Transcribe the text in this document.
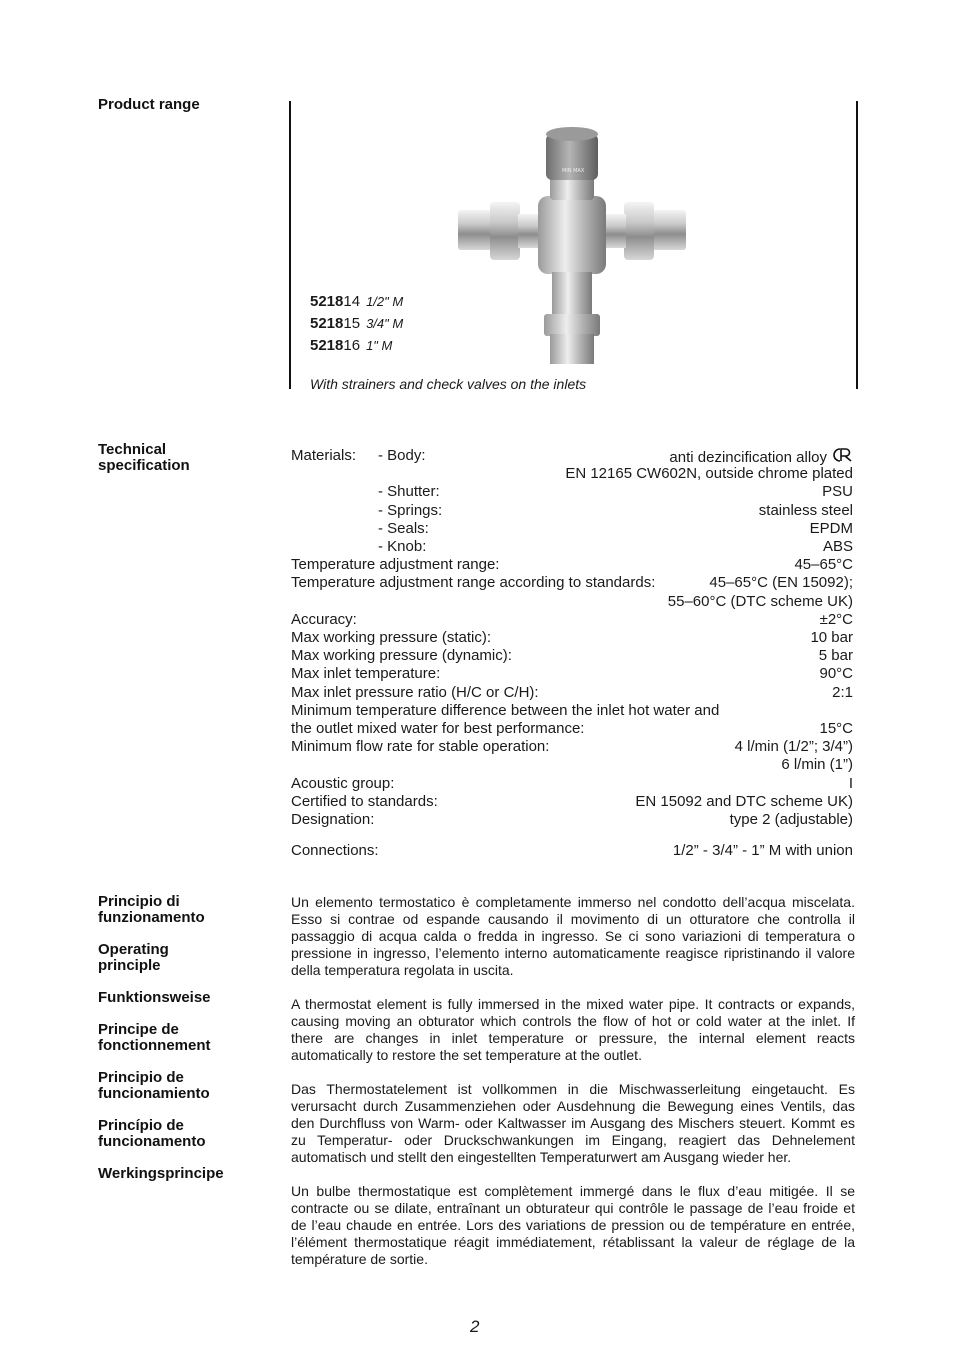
Product range
MIN MAX
521814 1/2" M
521815 3/4" M
521816 1" M
With strainers and check valves on the inlets
Technical
specification
Materials: - Body:	anti dezincification alloy
EN 12165 CW602N, outside chrome plated
- Shutter:	PSU
- Springs:	stainless steel
- Seals:	EPDM
- Knob:	ABS
Temperature adjustment range:	45–65°C
Temperature adjustment range according to standards:	45–65°C (EN 15092);
55–60°C (DTC scheme UK)
Accuracy:	±2°C
Max working pressure (static):	10 bar
Max working pressure (dynamic):	5 bar
Max inlet temperature:	90°C
Max inlet pressure ratio (H/C or C/H):	2:1
Minimum temperature difference between the inlet hot water and
the outlet mixed water for best performance:	15°C
Minimum flow rate for stable operation:	4 l/min (1/2”; 3/4”)
6 l/min (1”)
Acoustic group:	I
Certified to standards:	EN 15092 and DTC scheme UK)
Designation:	type 2 (adjustable)
Connections:	1/2” - 3/4” - 1” M with union
Principio di
funzionamento
Operating
principle
Funktionsweise
Principe de
fonctionnement
Principio de
funcionamiento
Princípio de
funcionamento
Werkingsprincipe

Un elemento termostatico è completamente immerso nel condotto dell’acqua miscelata. Esso si contrae od espande causando il movimento di un otturatore che controlla il passaggio di acqua calda o fredda in ingresso. Se ci sono variazioni di temperatura o pressione in ingresso, l’elemento interno automaticamente reagisce ripristinando il valore della temperatura regolata in uscita.

A thermostat element is fully immersed in the mixed water pipe. It contracts or expands, causing moving an obturator which controls the flow of hot or cold water at the inlet. If there are changes in inlet temperature or pressure, the internal element reacts automatically to restore the set temperature at the outlet.

Das Thermostatelement ist vollkommen in die Mischwasserleitung eingetaucht. Es verursacht durch Zusammenziehen oder Ausdehnung die Bewegung eines Ventils, das den Durchfluss von Warm- oder Kaltwasser im Ausgang des Mischers steuert. Kommt es zu Temperatur- oder Druckschwankungen im Eingang, reagiert das Dehnelement automatisch und stellt den eingestellten Temperaturwert am Ausgang wieder her.

Un bulbe thermostatique est complètement immergé dans le flux d’eau mitigée. Il se contracte ou se dilate, entraînant un obturateur qui contrôle le passage de l’eau froide et de l’eau chaude en entrée. Lors des variations de pression ou de température en entrée, l’élément thermostatique réagit immédiatement, rétablissant la valeur de réglage de la température de sortie.

2
